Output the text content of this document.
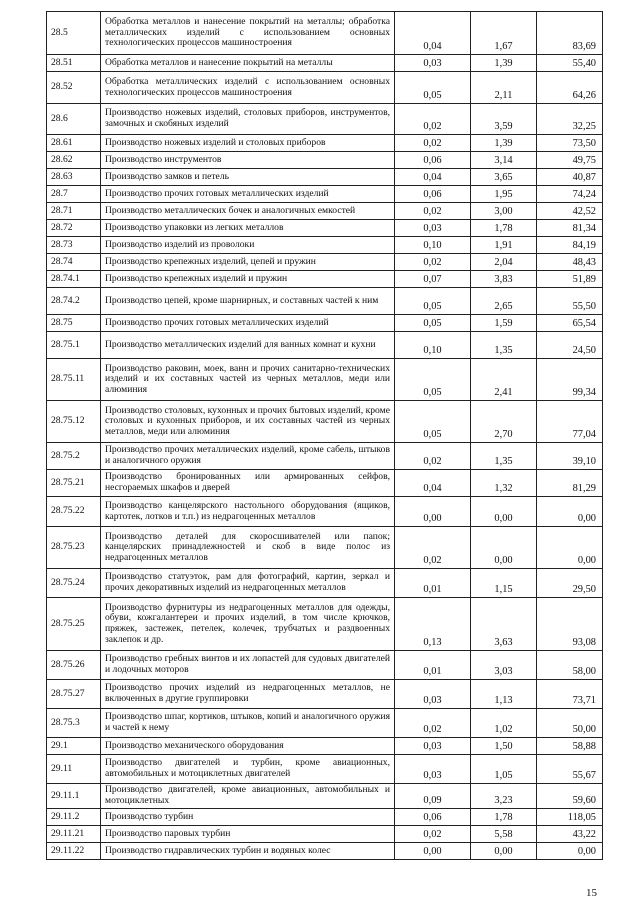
28.5	Обработка металлов и нанесение покрытий на металлы; обработка металлических изделий с использованием основных технологических процессов машиностроения	0,04	1,67	83,69
28.51	Обработка металлов и нанесение покрытий на металлы	0,03	1,39	55,40
28.52	Обработка металлических изделий с использованием основных технологических процессов машиностроения	0,05	2,11	64,26
28.6	Производство ножевых изделий, столовых приборов, инструментов, замочных и скобяных изделий	0,02	3,59	32,25
28.61	Производство ножевых изделий и столовых приборов	0,02	1,39	73,50
28.62	Производство инструментов	0,06	3,14	49,75
28.63	Производство замков и петель	0,04	3,65	40,87
28.7	Производство прочих готовых металлических изделий	0,06	1,95	74,24
28.71	Производство металлических бочек и аналогичных емкостей	0,02	3,00	42,52
28.72	Производство упаковки из легких металлов	0,03	1,78	81,34
28.73	Производство изделий из проволоки	0,10	1,91	84,19
28.74	Производство крепежных изделий, цепей и пружин	0,02	2,04	48,43
28.74.1	Производство крепежных изделий и пружин	0,07	3,83	51,89
28.74.2	Производство цепей, кроме шарнирных, и составных частей к ним	0,05	2,65	55,50
28.75	Производство прочих готовых металлических изделий	0,05	1,59	65,54
28.75.1	Производство металлических изделий для ванных комнат и кухни	0,10	1,35	24,50
28.75.11	Производство раковин, моек, ванн и прочих санитарно-технических изделий и их составных частей из черных металлов, меди или алюминия	0,05	2,41	99,34
28.75.12	Производство столовых, кухонных и прочих бытовых изделий, кроме столовых и кухонных приборов, и их составных частей из черных металлов, меди или алюминия	0,05	2,70	77,04
28.75.2	Производство прочих металлических изделий, кроме сабель, штыков и аналогичного оружия	0,02	1,35	39,10
28.75.21	Производство бронированных или армированных сейфов, несгораемых шкафов и дверей	0,04	1,32	81,29
28.75.22	Производство канцелярского настольного оборудования (ящиков, картотек, лотков и т.п.) из недрагоценных металлов	0,00	0,00	0,00
28.75.23	Производство деталей для скоросшивателей или папок; канцелярских принадлежностей и скоб в виде полос из недрагоценных металлов	0,02	0,00	0,00
28.75.24	Производство статуэток, рам для фотографий, картин, зеркал и прочих декоративных изделий из недрагоценных металлов	0,01	1,15	29,50
28.75.25	Производство фурнитуры из недрагоценных металлов для одежды, обуви, кожгалантереи и прочих изделий, в том числе крючков, пряжек, застежек, петелек, колечек, трубчатых и раздвоенных заклепок и др.	0,13	3,63	93,08
28.75.26	Производство гребных винтов и их лопастей для судовых двигателей и лодочных моторов	0,01	3,03	58,00
28.75.27	Производство прочих изделий из недрагоценных металлов, не включенных в другие группировки	0,03	1,13	73,71
28.75.3	Производство шпаг, кортиков, штыков, копий и аналогичного оружия и частей к нему	0,02	1,02	50,00
29.1	Производство механического оборудования	0,03	1,50	58,88
29.11	Производство двигателей и турбин, кроме авиационных, автомобильных и мотоциклетных двигателей	0,03	1,05	55,67
29.11.1	Производство двигателей, кроме авиационных, автомобильных и мотоциклетных	0,09	3,23	59,60
29.11.2	Производство турбин	0,06	1,78	118,05
29.11.21	Производство паровых турбин	0,02	5,58	43,22
29.11.22	Производство гидравлических турбин и водяных колес	0,00	0,00	0,00
15
